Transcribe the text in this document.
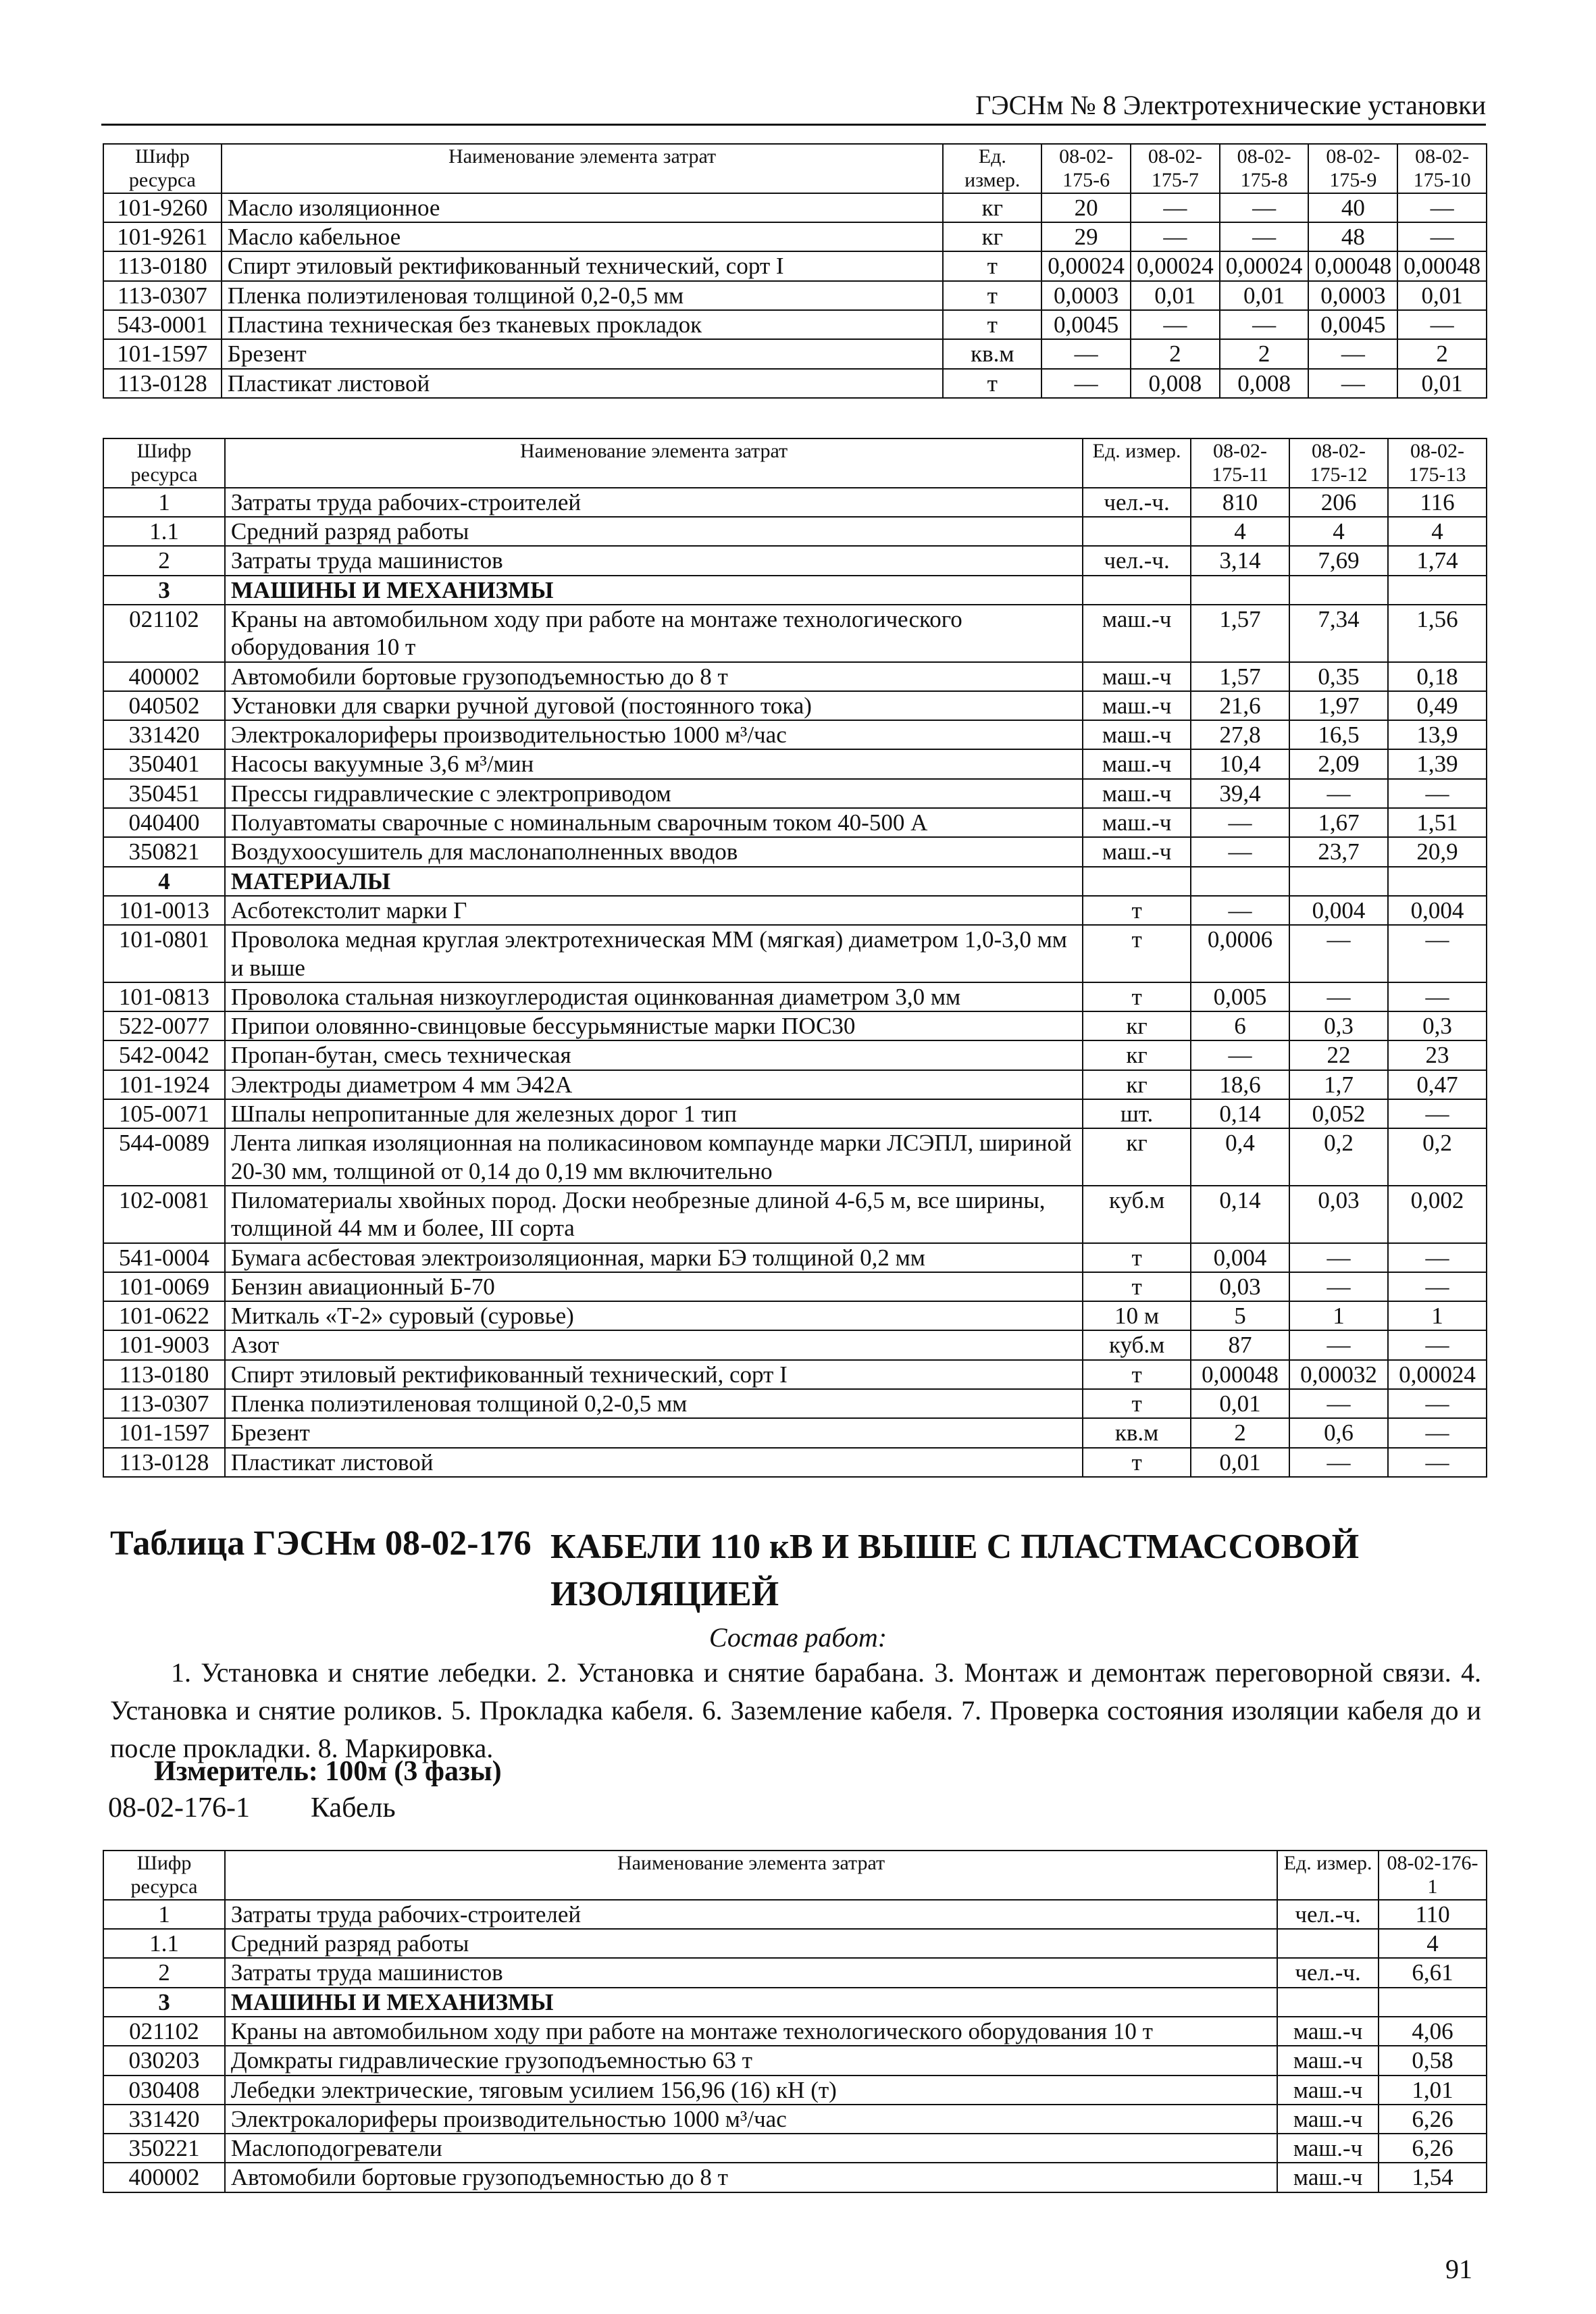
ГЭСНм № 8 Электротехнические установки
Шифр ресурса	Наименование элемента затрат	Ед. измер.	08-02-175-6	08-02-175-7	08-02-175-8	08-02-175-9	08-02-175-10
101-9260	Масло изоляционное	кг	20	—	—	40	—
101-9261	Масло кабельное	кг	29	—	—	48	—
113-0180	Спирт этиловый ректификованный технический, сорт I	т	0,00024	0,00024	0,00024	0,00048	0,00048
113-0307	Пленка полиэтиленовая толщиной 0,2-0,5 мм	т	0,0003	0,01	0,01	0,0003	0,01
543-0001	Пластина техническая без тканевых прокладок	т	0,0045	—	—	0,0045	—
101-1597	Брезент	кв.м	—	2	2	—	2
113-0128	Пластикат листовой	т	—	0,008	0,008	—	0,01
Шифр ресурса	Наименование элемента затрат	Ед. измер.	08-02-175-11	08-02-175-12	08-02-175-13
1	Затраты труда рабочих-строителей	чел.-ч.	810	206	116
1.1	Средний разряд работы		4	4	4
2	Затраты труда машинистов	чел.-ч.	3,14	7,69	1,74
3	МАШИНЫ И МЕХАНИЗМЫ				
021102	Краны на автомобильном ходу при работе на монтаже технологического оборудования 10 т	маш.-ч	1,57	7,34	1,56
400002	Автомобили бортовые грузоподъемностью до 8 т	маш.-ч	1,57	0,35	0,18
040502	Установки для сварки ручной дуговой (постоянного тока)	маш.-ч	21,6	1,97	0,49
331420	Электрокалориферы производительностью 1000 м³/час	маш.-ч	27,8	16,5	13,9
350401	Насосы вакуумные 3,6 м³/мин	маш.-ч	10,4	2,09	1,39
350451	Прессы гидравлические с электроприводом	маш.-ч	39,4	—	—
040400	Полуавтоматы сварочные с номинальным сварочным током 40-500 А	маш.-ч	—	1,67	1,51
350821	Воздухоосушитель для маслонаполненных вводов	маш.-ч	—	23,7	20,9
4	МАТЕРИАЛЫ				
101-0013	Асботекстолит марки Г	т	—	0,004	0,004
101-0801	Проволока медная круглая электротехническая ММ (мягкая) диаметром 1,0-3,0 мм и выше	т	0,0006	—	—
101-0813	Проволока стальная низкоуглеродистая оцинкованная диаметром 3,0 мм	т	0,005	—	—
522-0077	Припои оловянно-свинцовые бессурьмянистые марки ПОС30	кг	6	0,3	0,3
542-0042	Пропан-бутан, смесь техническая	кг	—	22	23
101-1924	Электроды диаметром 4 мм Э42А	кг	18,6	1,7	0,47
105-0071	Шпалы непропитанные для железных дорог 1 тип	шт.	0,14	0,052	—
544-0089	Лента липкая изоляционная на поликасиновом компаунде марки ЛСЭПЛ, шириной 20-30 мм, толщиной от 0,14 до 0,19 мм включительно	кг	0,4	0,2	0,2
102-0081	Пиломатериалы хвойных пород. Доски необрезные длиной 4-6,5 м, все ширины, толщиной 44 мм и более, III сорта	куб.м	0,14	0,03	0,002
541-0004	Бумага асбестовая электроизоляционная, марки БЭ толщиной 0,2 мм	т	0,004	—	—
101-0069	Бензин авиационный Б-70	т	0,03	—	—
101-0622	Миткаль «Т-2» суровый (суровье)	10 м	5	1	1
101-9003	Азот	куб.м	87	—	—
113-0180	Спирт этиловый ректификованный технический, сорт I	т	0,00048	0,00032	0,00024
113-0307	Пленка полиэтиленовая толщиной 0,2-0,5 мм	т	0,01	—	—
101-1597	Брезент	кв.м	2	0,6	—
113-0128	Пластикат листовой	т	0,01	—	—
Таблица ГЭСНм 08-02-176 КАБЕЛИ 110 кВ И ВЫШЕ С ПЛАСТМАССОВОЙ ИЗОЛЯЦИЕЙ
Состав работ:
1. Установка и снятие лебедки. 2. Установка и снятие барабана. 3. Монтаж и демонтаж переговорной связи. 4. Установка и снятие роликов. 5. Прокладка кабеля. 6. Заземление кабеля. 7. Проверка состояния изоляции кабеля до и после прокладки. 8. Маркировка.
Измеритель: 100м (3 фазы)
08-02-176-1 Кабель
Шифр ресурса	Наименование элемента затрат	Ед. измер.	08-02-176-1
1	Затраты труда рабочих-строителей	чел.-ч.	110
1.1	Средний разряд работы		4
2	Затраты труда машинистов	чел.-ч.	6,61
3	МАШИНЫ И МЕХАНИЗМЫ		
021102	Краны на автомобильном ходу при работе на монтаже технологического оборудования 10 т	маш.-ч	4,06
030203	Домкраты гидравлические грузоподъемностью 63 т	маш.-ч	0,58
030408	Лебедки электрические, тяговым усилием 156,96 (16) кН (т)	маш.-ч	1,01
331420	Электрокалориферы производительностью 1000 м³/час	маш.-ч	6,26
350221	Маслоподогреватели	маш.-ч	6,26
400002	Автомобили бортовые грузоподъемностью до 8 т	маш.-ч	1,54
91
